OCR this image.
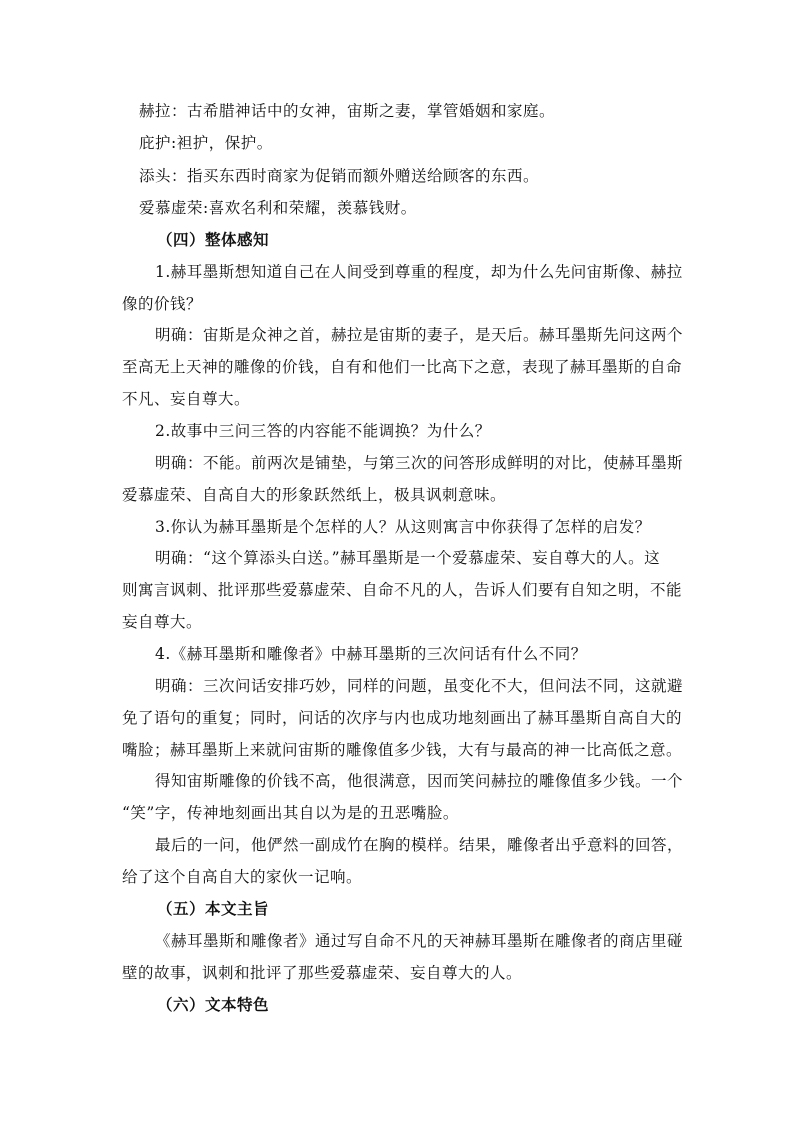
赫拉：古希腊神话中的女神，宙斯之妻，掌管婚姻和家庭。
庇护:袒护，保护。
添头：指买东西时商家为促销而额外赠送给顾客的东西。
爱慕虚荣:喜欢名利和荣耀，羡慕钱财。
（四）整体感知
1.赫耳墨斯想知道自己在人间受到尊重的程度，却为什么先问宙斯像、赫拉
像的价钱？
明确：宙斯是众神之首，赫拉是宙斯的妻子，是天后。赫耳墨斯先问这两个
至高无上天神的雕像的价钱，自有和他们一比高下之意，表现了赫耳墨斯的自命
不凡、妄自尊大。
2.故事中三问三答的内容能不能调换？为什么？
明确：不能。前两次是铺垫，与第三次的问答形成鲜明的对比，使赫耳墨斯
爱慕虚荣、自高自大的形象跃然纸上，极具讽刺意味。
3.你认为赫耳墨斯是个怎样的人？从这则寓言中你获得了怎样的启发？
明确：“这个算添头白送。”赫耳墨斯是一个爱慕虚荣、妄自尊大的人。这
则寓言讽刺、批评那些爱慕虚荣、自命不凡的人，告诉人们要有自知之明，不能
妄自尊大。
4.《赫耳墨斯和雕像者》中赫耳墨斯的三次问话有什么不同？
明确：三次问话安排巧妙，同样的问题，虽变化不大，但问法不同，这就避
免了语句的重复；同时，问话的次序与内也成功地刻画出了赫耳墨斯自高自大的
嘴脸；赫耳墨斯上来就问宙斯的雕像值多少钱，大有与最高的神一比高低之意。
得知宙斯雕像的价钱不高，他很满意，因而笑问赫拉的雕像值多少钱。一个
“笑”字，传神地刻画出其自以为是的丑恶嘴脸。
最后的一问，他俨然一副成竹在胸的模样。结果，雕像者出乎意料的回答，
给了这个自高自大的家伙一记响。
（五）本文主旨
《赫耳墨斯和雕像者》通过写自命不凡的天神赫耳墨斯在雕像者的商店里碰
壁的故事，讽刺和批评了那些爱慕虚荣、妄自尊大的人。
（六）文本特色
